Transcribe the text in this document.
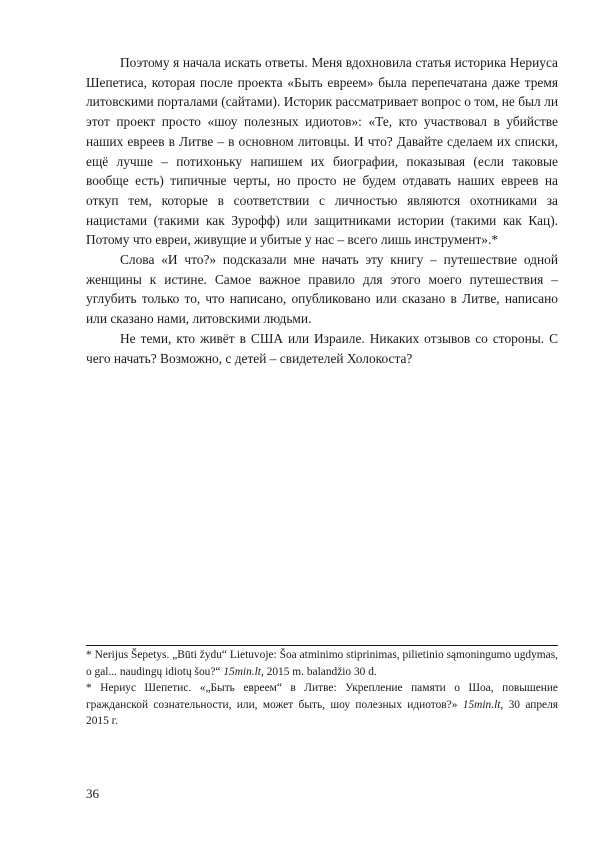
Поэтому я начала искать ответы. Меня вдохновила статья историка Нериуса Шепетиса, которая после проекта «Быть евреем» была перепечатана даже тремя литовскими порталами (сайтами). Историк рассматривает вопрос о том, не был ли этот проект просто «шоу полезных идиотов»: «Те, кто участвовал в убийстве наших евреев в Литве – в основном литовцы. И что? Давайте сделаем их списки, ещё лучше – потихоньку напишем их биографии, показывая (если таковые вообще есть) типичные черты, но просто не будем отдавать наших евреев на откуп тем, которые в соответствии с личностью являются охотниками за нацистами (такими как Зурофф) или защитниками истории (такими как Кац). Потому что евреи, живущие и убитые у нас – всего лишь инструмент».*

Слова «И что?» подсказали мне начать эту книгу – путешествие одной женщины к истине. Самое важное правило для этого моего путешествия – углубить только то, что написано, опубликовано или сказано в Литве, написано или сказано нами, литовскими людьми.

Не теми, кто живёт в США или Израиле. Никаких отзывов со стороны. С чего начать? Возможно, с детей – свидетелей Холокоста?

* Nerijus Šepetys. „Būti žydu“ Lietuvoje: Šoa atminimo stiprinimas, pilietinio sąmoningumo ugdymas, o gal... naudingų idiotų šou?“ 15min.lt, 2015 m. balandžio 30 d.

* Нериус Шепетис. «„Быть евреем“ в Литве: Укрепление памяти о Шоа, повышение гражданской сознательности, или, может быть, шоу полезных идиотов?» 15min.lt, 30 апреля 2015 г.

36
